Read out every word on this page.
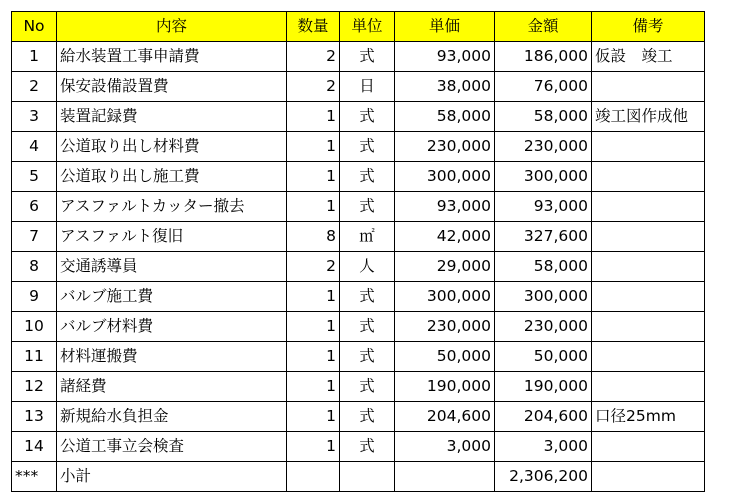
No	内容	数量	単位	単価	金額	備考
1	給水装置工事申請費	2	式	93,000	186,000	仮設　竣工
2	保安設備設置費	2	日	38,000	76,000	
3	装置記録費	1	式	58,000	58,000	竣工図作成他
4	公道取り出し材料費	1	式	230,000	230,000	
5	公道取り出し施工費	1	式	300,000	300,000	
6	アスファルトカッター撤去	1	式	93,000	93,000	
7	アスファルト復旧	8	㎡	42,000	327,600	
8	交通誘導員	2	人	29,000	58,000	
9	バルブ施工費	1	式	300,000	300,000	
10	バルブ材料費	1	式	230,000	230,000	
11	材料運搬費	1	式	50,000	50,000	
12	諸経費	1	式	190,000	190,000	
13	新規給水負担金	1	式	204,600	204,600	口径25mm
14	公道工事立会検査	1	式	3,000	3,000	
***	小計				2,306,200	
